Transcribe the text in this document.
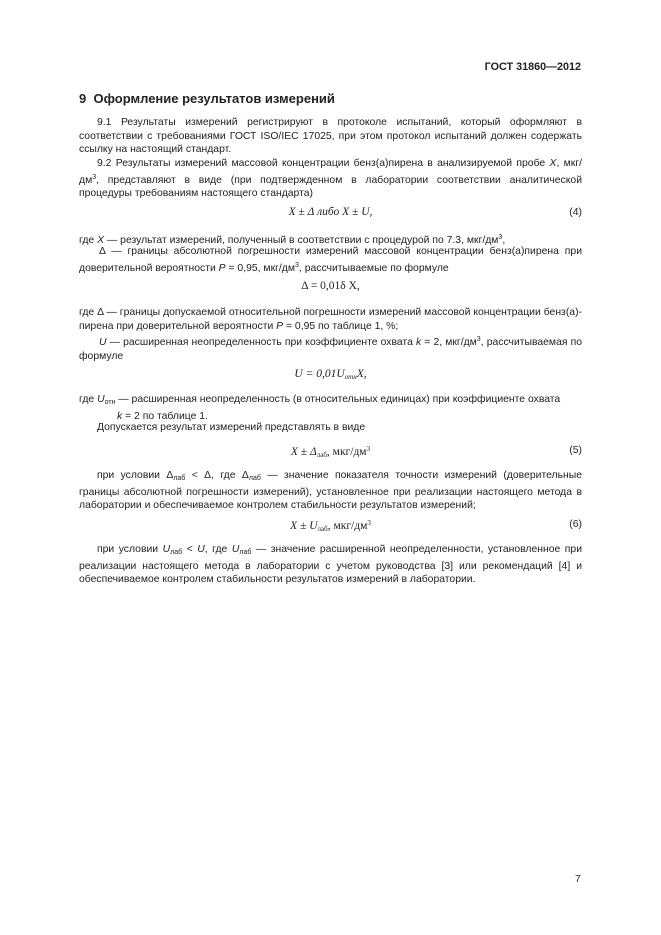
ГОСТ 31860—2012
9 Оформление результатов измерений
9.1 Результаты измерений регистрируют в протоколе испытаний, который оформляют в соответствии с требованиями ГОСТ ISO/IEC 17025, при этом протокол испытаний должен содержать ссылку на настоящий стандарт.
9.2 Результаты измерений массовой концентрации бенз(а)пирена в анализируемой пробе X, мкг/$дм^3$, представляют в виде (при подтвержденном в лаборатории соответствии аналитической процедуры требованиям настоящего стандарта)
X ± Δ либо X ± U,	(4)
где X — результат измерений, полученный в соответствии с процедурой по 7.3, мкг/$дм^3$,
Δ — границы абсолютной погрешности измерений массовой концентрации бенз(а)пирена при доверительной вероятности P = 0,95, мкг/$дм^3$, рассчитываемые по формуле
Δ = 0,01δ X,
где Δ — границы допускаемой относительной погрешности измерений массовой концентрации бенз(а)-пирена при доверительной вероятности P = 0,95 по таблице 1, %;
U — расширенная неопределенность при коэффициенте охвата k = 2, мкг/$дм^3$, рассчитываемая по формуле
$U = 0,01U_{отн}X$,
где $U_{отн}$ — расширенная неопределенность (в относительных единицах) при коэффициенте охвата
k = 2 по таблице 1.
Допускается результат измерений представлять в виде
$X \pm \Delta_{лаб}$, мкг/$дм^3$	(5)
при условии $\Delta_{лаб} < \Delta$, где $\Delta_{лаб}$ — значение показателя точности измерений (доверительные границы абсолютной погрешности измерений), установленное при реализации настоящего метода в лаборатории и обеспечиваемое контролем стабильности результатов измерений;
$X \pm U_{лаб}$, мкг/$дм^3$	(6)
при условии $U_{лаб} < U$, где $U_{лаб}$ — значение расширенной неопределенности, установленное при реализации настоящего метода в лаборатории с учетом руководства [3] или рекомендаций [4] и обеспечиваемое контролем стабильности результатов измерений в лаборатории.
7
